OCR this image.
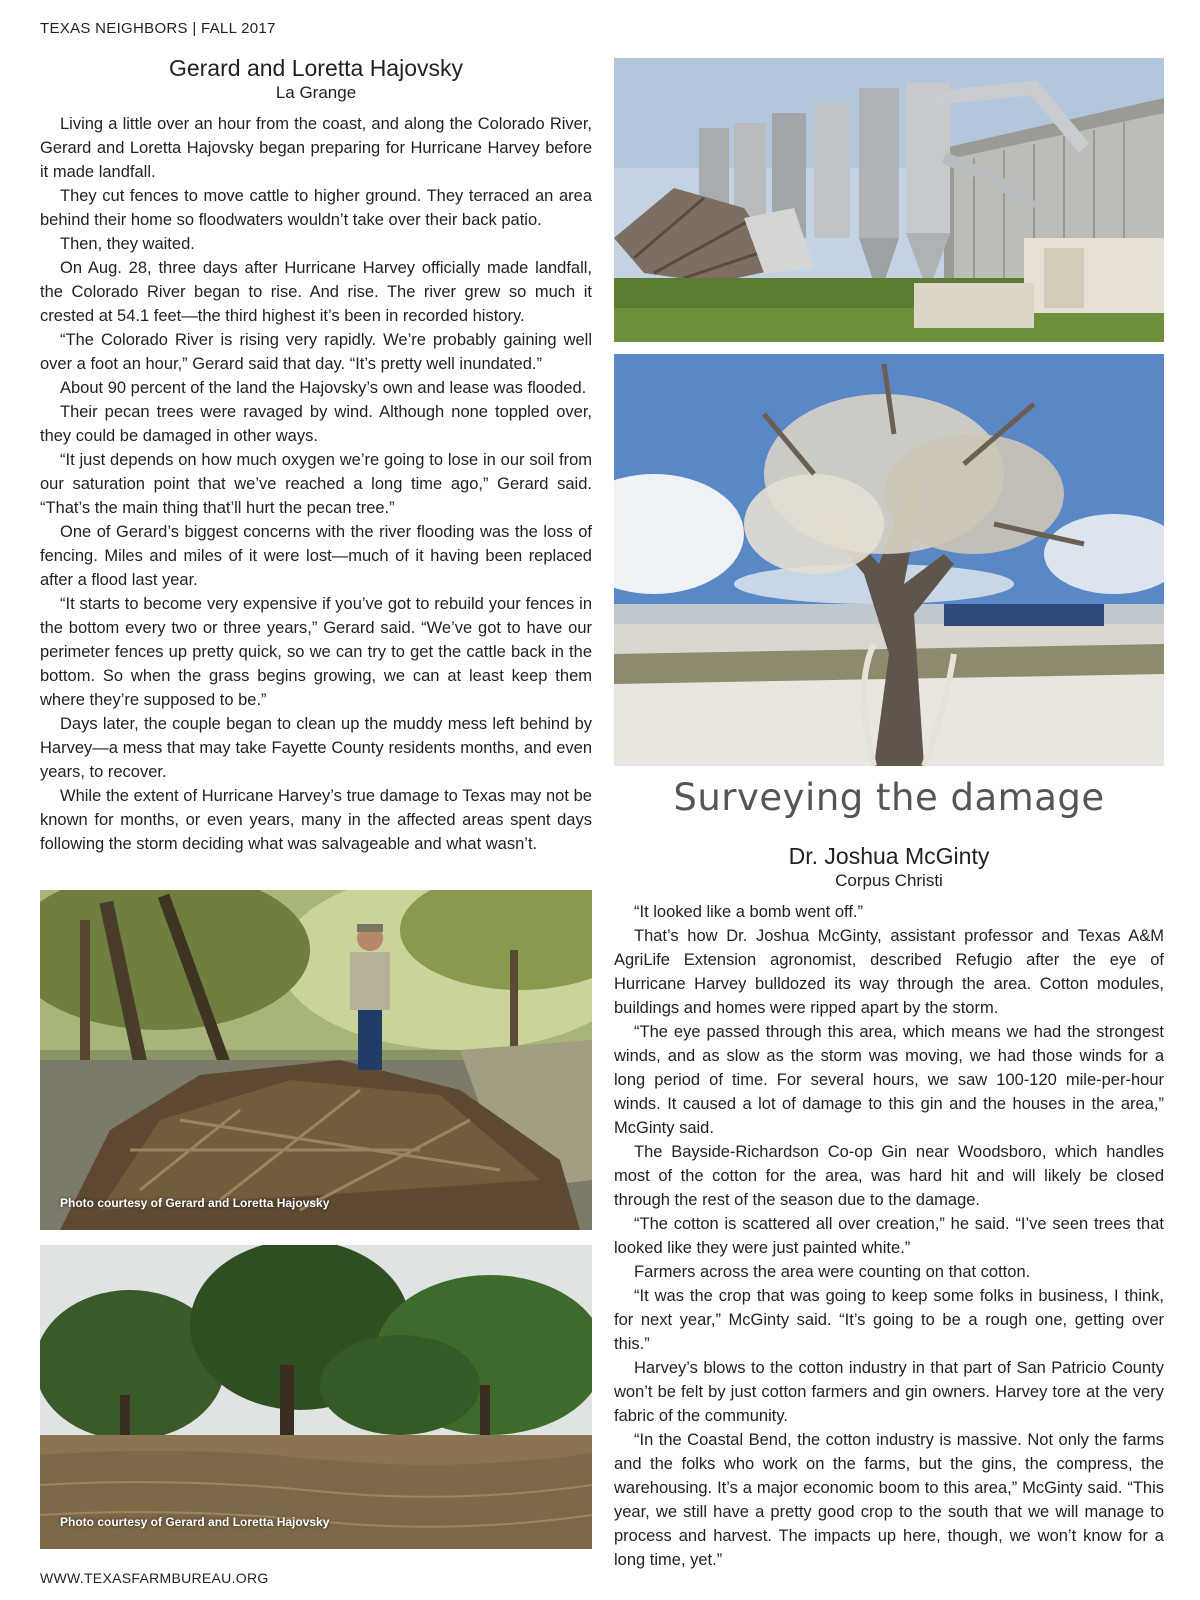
TEXAS NEIGHBORS | FALL 2017
WWW.TEXASFARMBUREAU.ORG
Gerard and Loretta Hajovsky
La Grange

Living a little over an hour from the coast, and along the Colorado River, Gerard and Loretta Hajovsky began preparing for Hurricane Harvey before it made landfall.

They cut fences to move cattle to higher ground. They terraced an area behind their home so floodwaters wouldn’t take over their back patio.

Then, they waited.

On Aug. 28, three days after Hurricane Harvey officially made landfall, the Colorado River began to rise. And rise. The river grew so much it crested at 54.1 feet—the third highest it’s been in recorded history.

“The Colorado River is rising very rapidly. We’re probably gaining well over a foot an hour,” Gerard said that day. “It’s pretty well inundated.”

About 90 percent of the land the Hajovsky’s own and lease was flooded.

Their pecan trees were ravaged by wind. Although none toppled over, they could be damaged in other ways.

“It just depends on how much oxygen we’re going to lose in our soil from our saturation point that we’ve reached a long time ago,” Gerard said. “That’s the main thing that’ll hurt the pecan tree.”

One of Gerard’s biggest concerns with the river flooding was the loss of fencing. Miles and miles of it were lost—much of it having been replaced after a flood last year.

“It starts to become very expensive if you’ve got to rebuild your fences in the bottom every two or three years,” Gerard said. “We’ve got to have our perimeter fences up pretty quick, so we can try to get the cattle back in the bottom. So when the grass begins growing, we can at least keep them where they’re supposed to be.”

Days later, the couple began to clean up the muddy mess left behind by Harvey—a mess that may take Fayette County residents months, and even years, to recover.

While the extent of Hurricane Harvey’s true damage to Texas may not be known for months, or even years, many in the affected areas spent days following the storm deciding what was salvageable and what wasn’t.

Photo courtesy of Gerard and Loretta Hajovsky
Photo courtesy of Gerard and Loretta Hajovsky
Surveying the damage
Dr. Joshua McGinty
Corpus Christi

“It looked like a bomb went off.”

That’s how Dr. Joshua McGinty, assistant professor and Texas A&M AgriLife Extension agronomist, described Refugio after the eye of Hurricane Harvey bulldozed its way through the area. Cotton modules, buildings and homes were ripped apart by the storm.

“The eye passed through this area, which means we had the strongest winds, and as slow as the storm was moving, we had those winds for a long period of time. For several hours, we saw 100-120 mile-per-hour winds. It caused a lot of damage to this gin and the houses in the area,” McGinty said.

The Bayside-Richardson Co-op Gin near Woodsboro, which handles most of the cotton for the area, was hard hit and will likely be closed through the rest of the season due to the damage.

“The cotton is scattered all over creation,” he said. “I’ve seen trees that looked like they were just painted white.”

Farmers across the area were counting on that cotton.

“It was the crop that was going to keep some folks in business, I think, for next year,” McGinty said. “It’s going to be a rough one, getting over this.”

Harvey’s blows to the cotton industry in that part of San Patricio County won’t be felt by just cotton farmers and gin owners. Harvey tore at the very fabric of the community.

“In the Coastal Bend, the cotton industry is massive. Not only the farms and the folks who work on the farms, but the gins, the compress, the warehousing. It’s a major economic boom to this area,” McGinty said. “This year, we still have a pretty good crop to the south that we will manage to process and harvest. The impacts up here, though, we won’t know for a long time, yet.”
